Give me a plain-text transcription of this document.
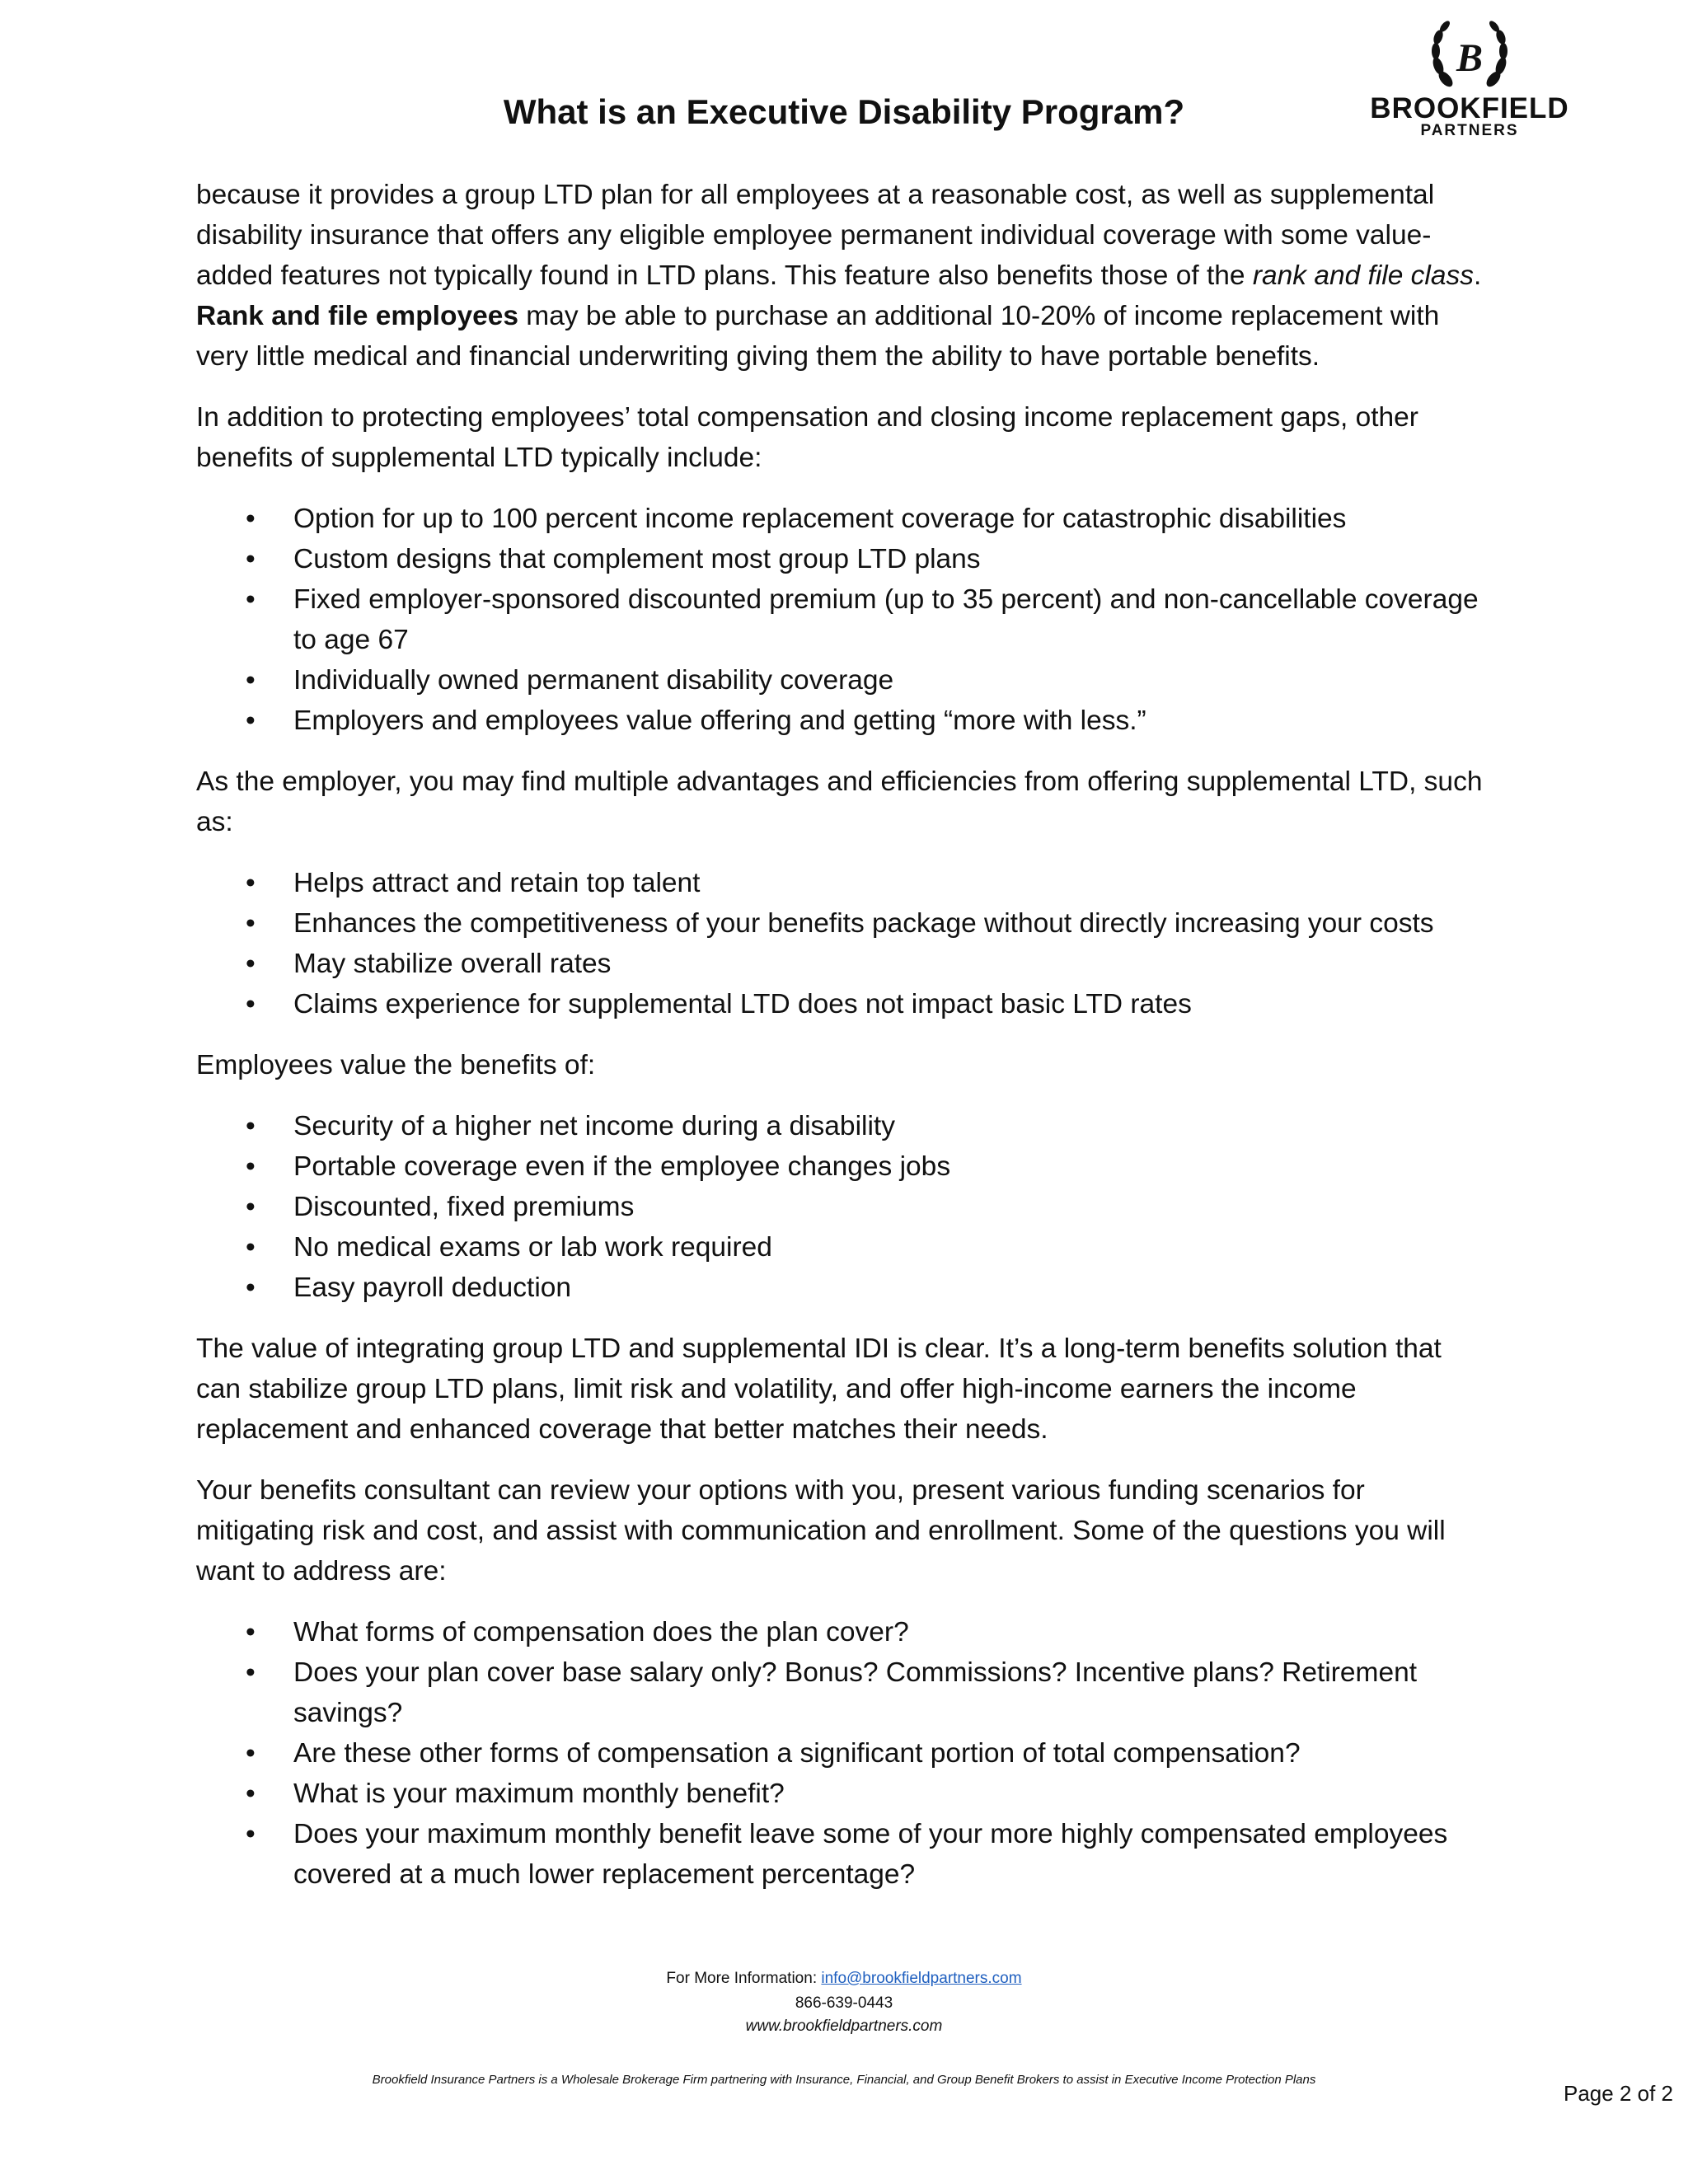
What is an Executive Disability Program?
B
BROOKFIELD
PARTNERS

because it provides a group LTD plan for all employees at a reasonable cost, as well as supplemental disability insurance that offers any eligible employee permanent individual coverage with some value-added features not typically found in LTD plans. This feature also benefits those of the rank and file class. Rank and file employees may be able to purchase an additional 10-20% of income replacement with very little medical and financial underwriting giving them the ability to have portable benefits.

In addition to protecting employees’ total compensation and closing income replacement gaps, other benefits of supplemental LTD typically include:

• Option for up to 100 percent income replacement coverage for catastrophic disabilities
• Custom designs that complement most group LTD plans
• Fixed employer-sponsored discounted premium (up to 35 percent) and non-cancellable coverage to age 67
• Individually owned permanent disability coverage
• Employers and employees value offering and getting “more with less.”

As the employer, you may find multiple advantages and efficiencies from offering supplemental LTD, such as:

• Helps attract and retain top talent
• Enhances the competitiveness of your benefits package without directly increasing your costs
• May stabilize overall rates
• Claims experience for supplemental LTD does not impact basic LTD rates

Employees value the benefits of:

• Security of a higher net income during a disability
• Portable coverage even if the employee changes jobs
• Discounted, fixed premiums
• No medical exams or lab work required
• Easy payroll deduction

The value of integrating group LTD and supplemental IDI is clear. It’s a long-term benefits solution that can stabilize group LTD plans, limit risk and volatility, and offer high-income earners the income replacement and enhanced coverage that better matches their needs.

Your benefits consultant can review your options with you, present various funding scenarios for mitigating risk and cost, and assist with communication and enrollment. Some of the questions you will want to address are:

• What forms of compensation does the plan cover?
• Does your plan cover base salary only? Bonus? Commissions? Incentive plans? Retirement savings?
• Are these other forms of compensation a significant portion of total compensation?
• What is your maximum monthly benefit?
• Does your maximum monthly benefit leave some of your more highly compensated employees covered at a much lower replacement percentage?
For More Information: info@brookfieldpartners.com
866-639-0443
www.brookfieldpartners.com
Brookfield Insurance Partners is a Wholesale Brokerage Firm partnering with Insurance, Financial, and Group Benefit Brokers to assist in Executive Income Protection Plans
Page 2 of 2
